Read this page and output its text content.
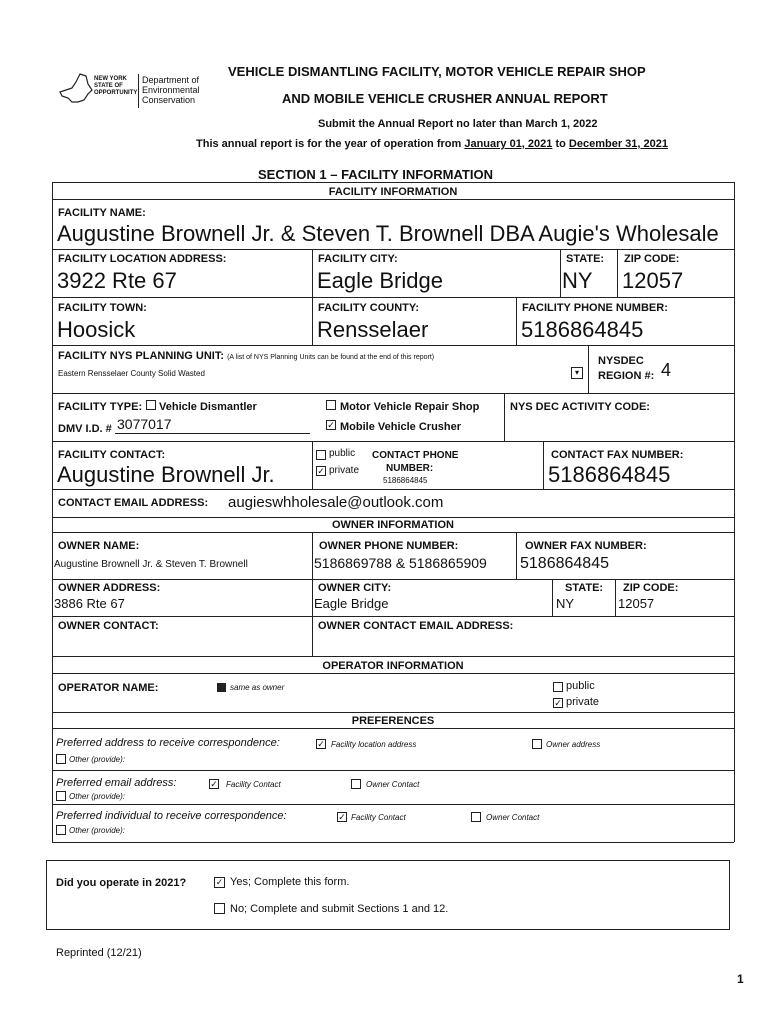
NEW YORK STATE OF OPPORTUNITY
Department of Environmental Conservation
VEHICLE DISMANTLING FACILITY, MOTOR VEHICLE REPAIR SHOP
AND MOBILE VEHICLE CRUSHER ANNUAL REPORT
Submit the Annual Report no later than March 1, 2022
This annual report is for the year of operation from January 01, 2021 to December 31, 2021
SECTION 1 – FACILITY INFORMATION
FACILITY INFORMATION
FACILITY NAME:
Augustine Brownell Jr. & Steven T. Brownell DBA Augie's Wholesale
FACILITY LOCATION ADDRESS:
3922 Rte 67
FACILITY CITY:
Eagle Bridge
STATE:
NY
ZIP CODE:
12057
FACILITY TOWN:
Hoosick
FACILITY COUNTY:
Rensselaer
FACILITY PHONE NUMBER:
5186864845
FACILITY NYS PLANNING UNIT: (A list of NYS Planning Units can be found at the end of this report)
Eastern Rensselaer County Solid Wasted	▾
NYSDEC
REGION #: 4
FACILITY TYPE: Vehicle Dismantler
DMV I.D. # 3077017
Motor Vehicle Repair Shop
✓ Mobile Vehicle Crusher
NYS DEC ACTIVITY CODE:
FACILITY CONTACT:
Augustine Brownell Jr.
public
✓ private
CONTACT PHONE
NUMBER:
5186864845
CONTACT FAX NUMBER:
5186864845
CONTACT EMAIL ADDRESS: augieswhholesale@outlook.com
OWNER INFORMATION
OWNER NAME:
Augustine Brownell Jr. & Steven T. Brownell
OWNER PHONE NUMBER:
5186869788 & 5186865909
OWNER FAX NUMBER:
5186864845
OWNER ADDRESS:
3886 Rte 67
OWNER CITY:
Eagle Bridge
STATE:
NY
ZIP CODE:
12057
OWNER CONTACT:	OWNER CONTACT EMAIL ADDRESS:
OPERATOR INFORMATION
OPERATOR NAME:	same as owner	public
✓ private
PREFERENCES
Preferred address to receive correspondence:	✓ Facility location address	Owner address
Other (provide):
Preferred email address:	✓ Facility Contact	Owner Contact
Other (provide):
Preferred individual to receive correspondence:	✓ Facility Contact	Owner Contact
Other (provide):
Did you operate in 2021?	✓ Yes; Complete this form.
No; Complete and submit Sections 1 and 12.
Reprinted (12/21)
1
